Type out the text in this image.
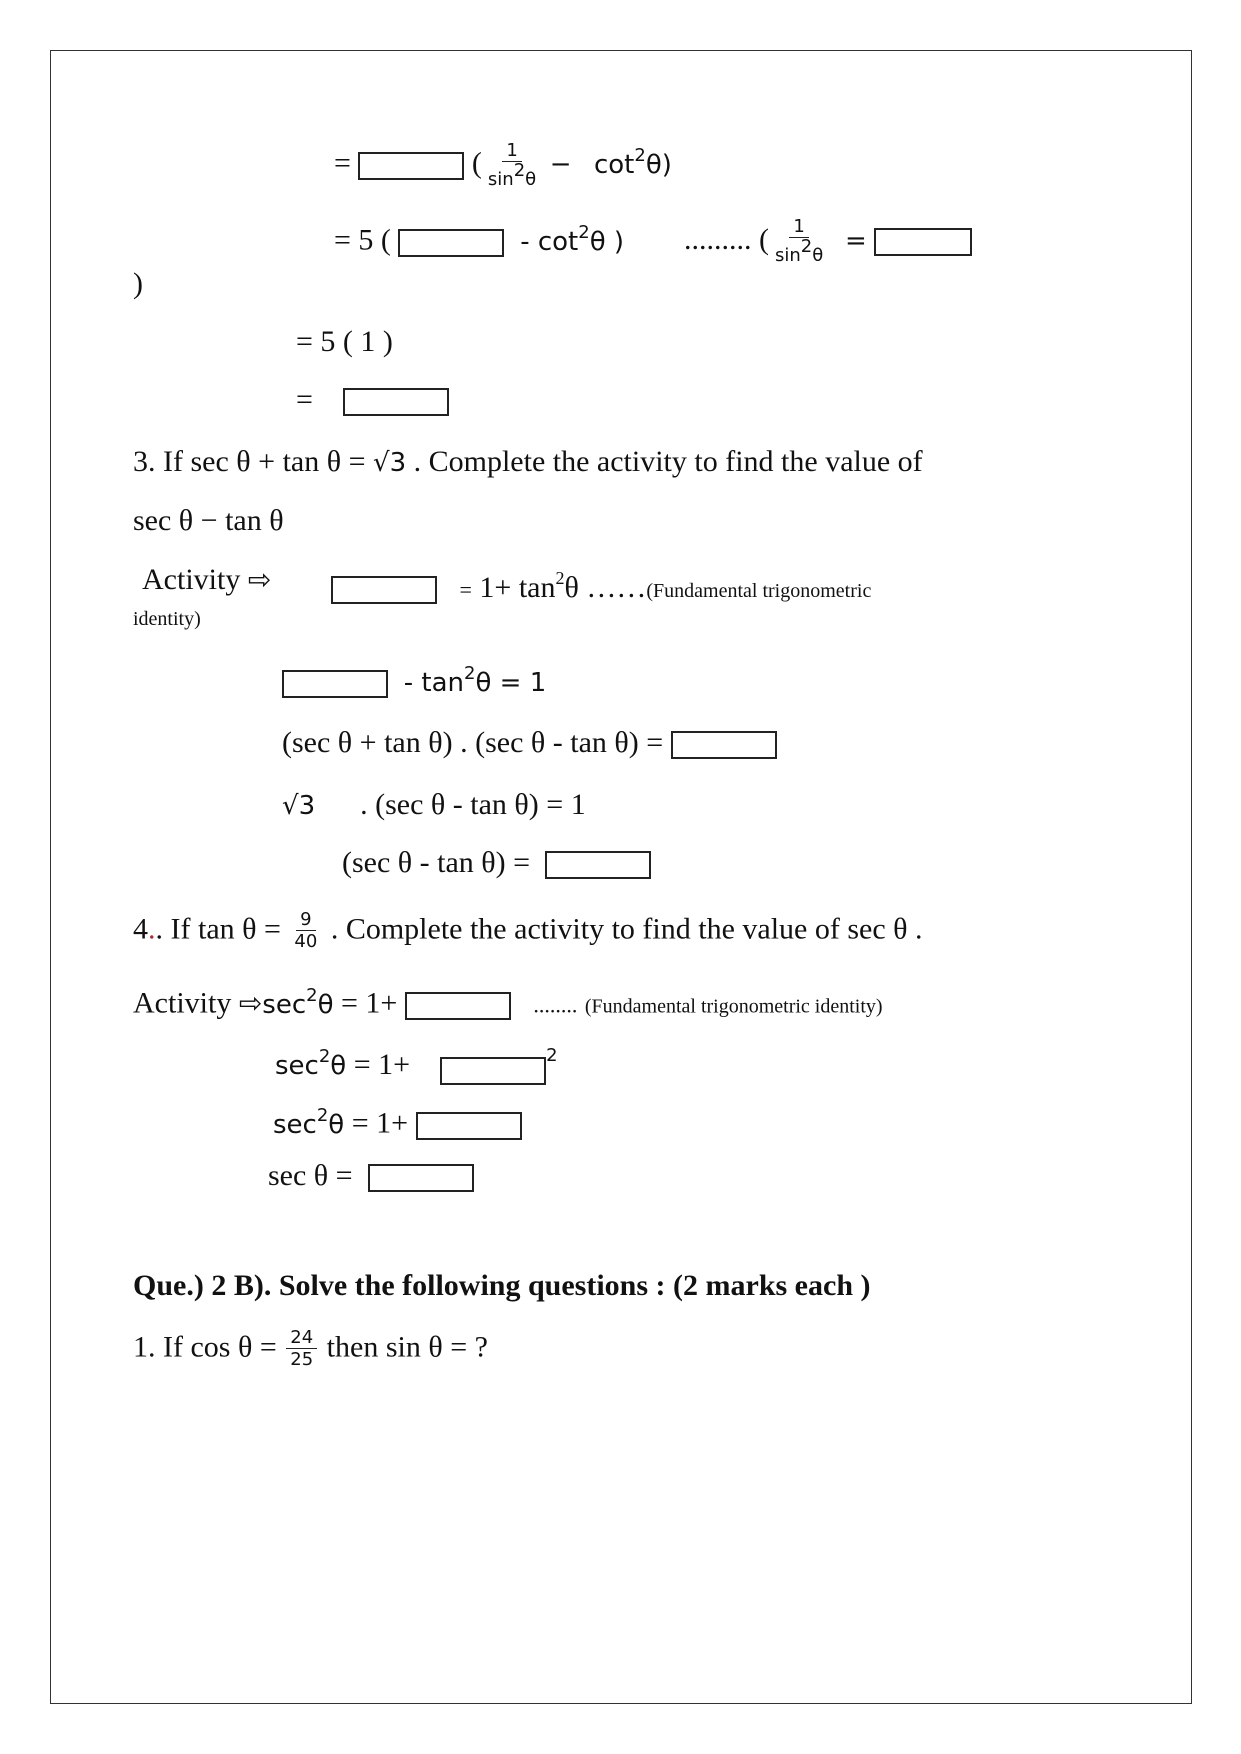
=	( $\frac{1}{\sin^2\theta} - \cot^2\theta$)
= 5 (	- $\cot^2\theta$ ) ......... ( $\frac{1}{\sin^2\theta}$ =
)
= 5 ( 1 )
=
3. If sec θ + tan θ = √3 . Complete the activity to find the value of
sec θ − tan θ
Activity ⇨	= $1+ \tan^2\theta$ ……(Fundamental trigonometric
identity)
- $\tan^2\theta = 1$
(sec θ + tan θ) . (sec θ - tan θ) =
√3 . (sec θ - tan θ) = 1
(sec θ - tan θ) =
4.. If $\tan \theta = \frac{9}{40}$ . Complete the activity to find the value of sec θ .
Activity $⇨\sec^2\theta = 1+$	........ (Fundamental trigonometric identity)
$\sec^2\theta = 1+$	$^2$
$\sec^2\theta = 1+$
sec θ =
Que.) 2 B). Solve the following questions : (2 marks each )
1. If $\cos \theta = \frac{24}{25}$ then sin θ = ?
